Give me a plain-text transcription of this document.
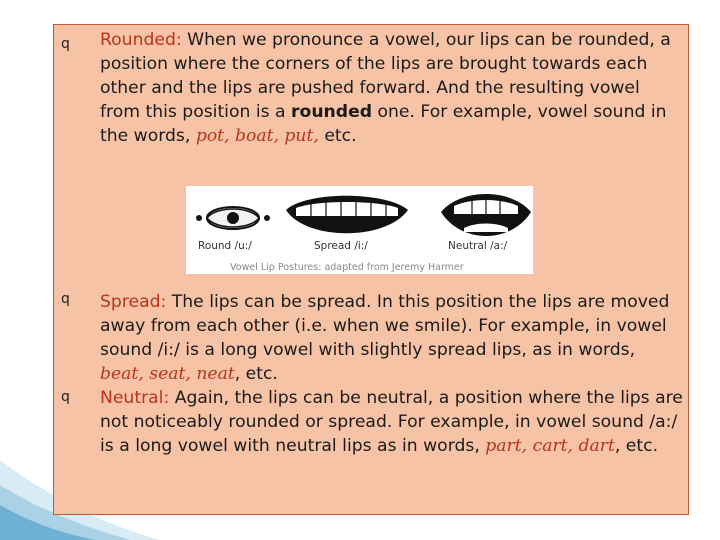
q Rounded: When we pronounce a vowel, our lips can be rounded, a position where the corners of the lips are brought towards each other and the lips are pushed forward. And the resulting vowel from this position is a rounded one. For example, vowel sound in the words, pot, boat, put, etc.
Round /u:/	Spread /i:/	Neutral /a:/
Vowel Lip Postures: adapted from Jeremy Harmer
q Spread: The lips can be spread. In this position the lips are moved away from each other (i.e. when we smile). For example, in vowel sound /i:/ is a long vowel with slightly spread lips, as in words, beat, seat, neat, etc.
q Neutral: Again, the lips can be neutral, a position where the lips are not noticeably rounded or spread. For example, in vowel sound /a:/ is a long vowel with neutral lips as in words, part, cart, dart, etc.
